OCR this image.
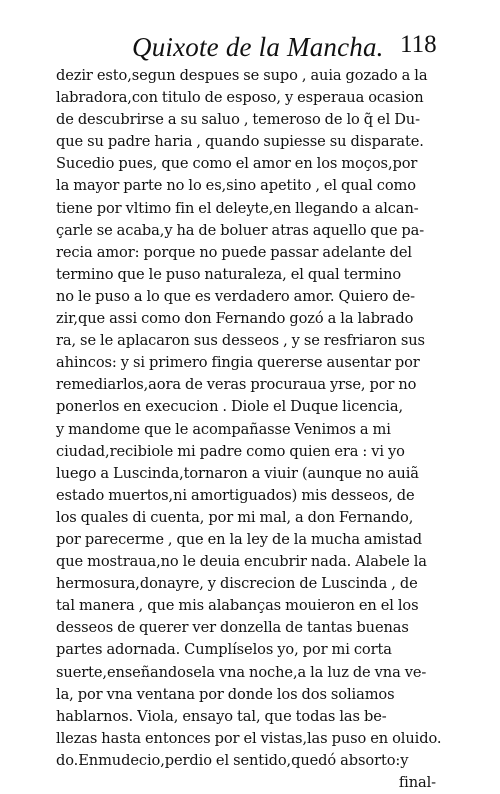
Quixote de la Mancha. 118
dezir esto,segun despues se supo , auia gozado a la
labradora,con titulo de esposo, y esperaua ocasion
de descubrirse a su saluo , temeroso de lo q̃ el Du-
que su padre haria , quando supiesse su disparate.
Sucedio pues, que como el amor en los moços,por
la mayor parte no lo es,sino apetito , el qual como
tiene por vltimo fin el deleyte,en llegando a alcan-
çarle se acaba,y ha de boluer atras aquello que pa-
recia amor: porque no puede passar adelante del
termino que le puso naturaleza, el qual termino
no le puso a lo que es verdadero amor. Quiero de-
zir,que assi como don Fernando gozó a la labrado
ra, se le aplacaron sus desseos , y se resfriaron sus
ahincos: y si primero fingia quererse ausentar por
remediarlos,aora de veras procuraua yrse, por no
ponerlos en execucion . Diole el Duque licencia,
y mandome que le acompañasse Venimos a mi
ciudad,recibiole mi padre como quien era : vi yo
luego a Luscinda,tornaron a viuir (aunque no auiã
estado muertos,ni amortiguados) mis desseos, de
los quales di cuenta, por mi mal, a don Fernando,
por parecerme , que en la ley de la mucha amistad
que mostraua,no le deuia encubrir nada. Alabele la
hermosura,donayre, y discrecion de Luscinda , de
tal manera , que mis alabanças mouieron en el los
desseos de querer ver donzella de tantas buenas
partes adornada. Cumplíselos yo, por mi corta
suerte,enseñandosela vna noche,a la luz de vna ve-
la, por vna ventana por donde los dos soliamos
hablarnos. Viola, ensayo tal, que todas las be-
llezas hasta entonces por el vistas,las puso en oluido.
do.Enmudecio,perdio el sentido,quedó absorto:y
final-
